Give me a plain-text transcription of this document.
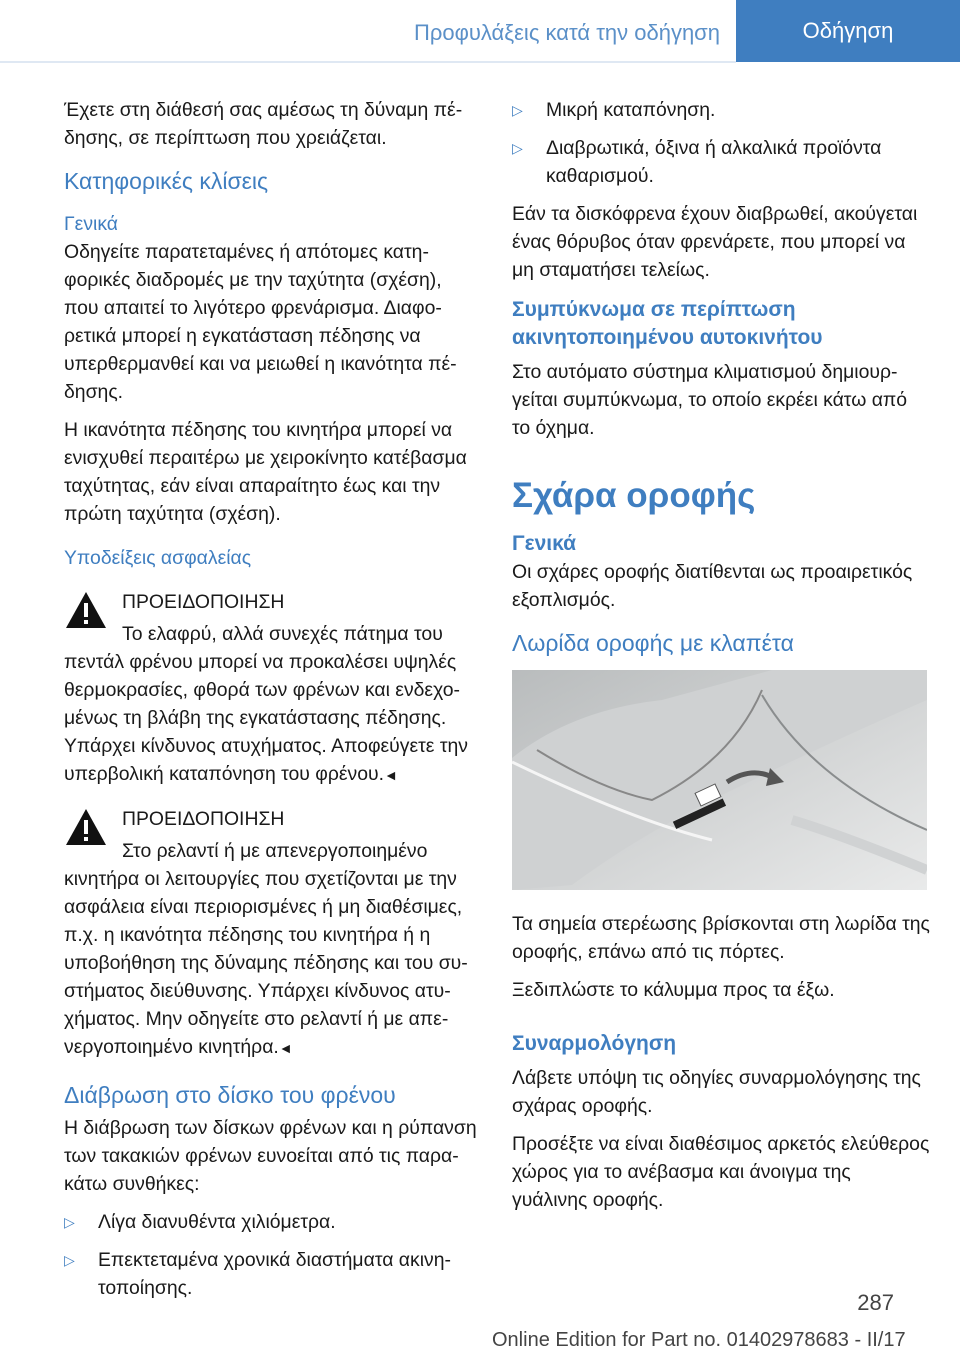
Προφυλάξεις κατά την οδήγηση	Οδήγηση

Έχετε στη διάθεσή σας αμέσως τη δύναμη πέδησης, σε περίπτωση που χρειάζεται.

Κατηφορικές κλίσεις
Γενικά

Οδηγείτε παρατεταμένες ή απότομες κατηφορικές διαδρομές με την ταχύτητα (σχέση), που απαιτεί το λιγότερο φρενάρισμα. Διαφορετικά μπορεί η εγκατάσταση πέδησης να υπερθερμανθεί και να μειωθεί η ικανότητα πέδησης.

Η ικανότητα πέδησης του κινητήρα μπορεί να ενισχυθεί περαιτέρω με χειροκίνητο κατέβασμα ταχύτητας, εάν είναι απαραίτητο έως και την πρώτη ταχύτητα (σχέση).

Υποδείξεις ασφαλείας
ΠΡΟΕΙΔΟΠΟΙΗΣΗ

Το ελαφρύ, αλλά συνεχές πάτημα του πεντάλ φρένου μπορεί να προκαλέσει υψηλές θερμοκρασίες, φθορά των φρένων και ενδεχομένως τη βλάβη της εγκατάστασης πέδησης. Υπάρχει κίνδυνος ατυχήματος. Αποφεύγετε την υπερβολική καταπόνηση του φρένου.◄

ΠΡΟΕΙΔΟΠΟΙΗΣΗ

Στο ρελαντί ή με απενεργοποιημένο κινητήρα οι λειτουργίες που σχετίζονται με την ασφάλεια είναι περιορισμένες ή μη διαθέσιμες, π.χ. η ικανότητα πέδησης του κινητήρα ή η υποβοήθηση της δύναμης πέδησης και του συστήματος διεύθυνσης. Υπάρχει κίνδυνος ατυχήματος. Μην οδηγείτε στο ρελαντί ή με απενεργοποιημένο κινητήρα.◄

Διάβρωση στο δίσκο του φρένου

Η διάβρωση των δίσκων φρένων και η ρύπανση των τακακιών φρένων ευνοείται από τις παρακάτω συνθήκες:

▷ Λίγα διανυθέντα χιλιόμετρα.
▷ Επεκτεταμένα χρονικά διαστήματα ακινητοποίησης.
▷ Μικρή καταπόνηση.
▷ Διαβρωτικά, όξινα ή αλκαλικά προϊόντα καθαρισμού.

Εάν τα δισκόφρενα έχουν διαβρωθεί, ακούγεται ένας θόρυβος όταν φρενάρετε, που μπορεί να μη σταματήσει τελείως.

Συμπύκνωμα σε περίπτωση ακινητοποιημένου αυτοκινήτου

Στο αυτόματο σύστημα κλιματισμού δημιουργείται συμπύκνωμα, το οποίο εκρέει κάτω από το όχημα.

Σχάρα οροφής
Γενικά

Οι σχάρες οροφής διατίθενται ως προαιρετικός εξοπλισμός.

Λωρίδα οροφής με κλαπέτα

Τα σημεία στερέωσης βρίσκονται στη λωρίδα της οροφής, επάνω από τις πόρτες.

Ξεδιπλώστε το κάλυμμα προς τα έξω.

Συναρμολόγηση

Λάβετε υπόψη τις οδηγίες συναρμολόγησης της σχάρας οροφής.

Προσέξτε να είναι διαθέσιμος αρκετός ελεύθερος χώρος για το ανέβασμα και άνοιγμα της γυάλινης οροφής.

287
Online Edition for Part no. 01402978683 - II/17
